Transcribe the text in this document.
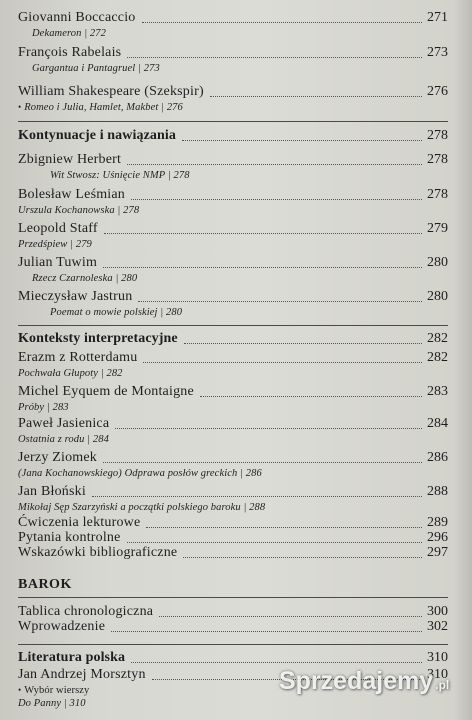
Giovanni Boccaccio	271
Dekameron | 272
François Rabelais	273
Gargantua i Pantagruel | 273
William Shakespeare (Szekspir)	276
• Romeo i Julia, Hamlet, Makbet | 276
Kontynuacje i nawiązania	278
Zbigniew Herbert	278
Wit Stwosz: Uśnięcie NMP | 278
Bolesław Leśmian	278
Urszula Kochanowska | 278
Leopold Staff	279
Przedśpiew | 279
Julian Tuwim	280
Rzecz Czarnoleska | 280
Mieczysław Jastrun	280
Poemat o mowie polskiej | 280
Konteksty interpretacyjne	282
Erazm z Rotterdamu	282
Pochwała Głupoty | 282
Michel Eyquem de Montaigne	283
Próby | 283
Paweł Jasienica	284
Ostatnia z rodu | 284
Jerzy Ziomek	286
(Jana Kochanowskiego) Odprawa posłów greckich | 286
Jan Błoński	288
Mikołaj Sęp Szarzyński a początki polskiego baroku | 288
Ćwiczenia lekturowe	289
Pytania kontrolne	296
Wskazówki bibliograficzne	297
BAROK
Tablica chronologiczna	300
Wprowadzenie	302
Literatura polska	310
Jan Andrzej Morsztyn	310
• Wybór wierszy
Do Panny | 310
Sprzedajemy .pl
